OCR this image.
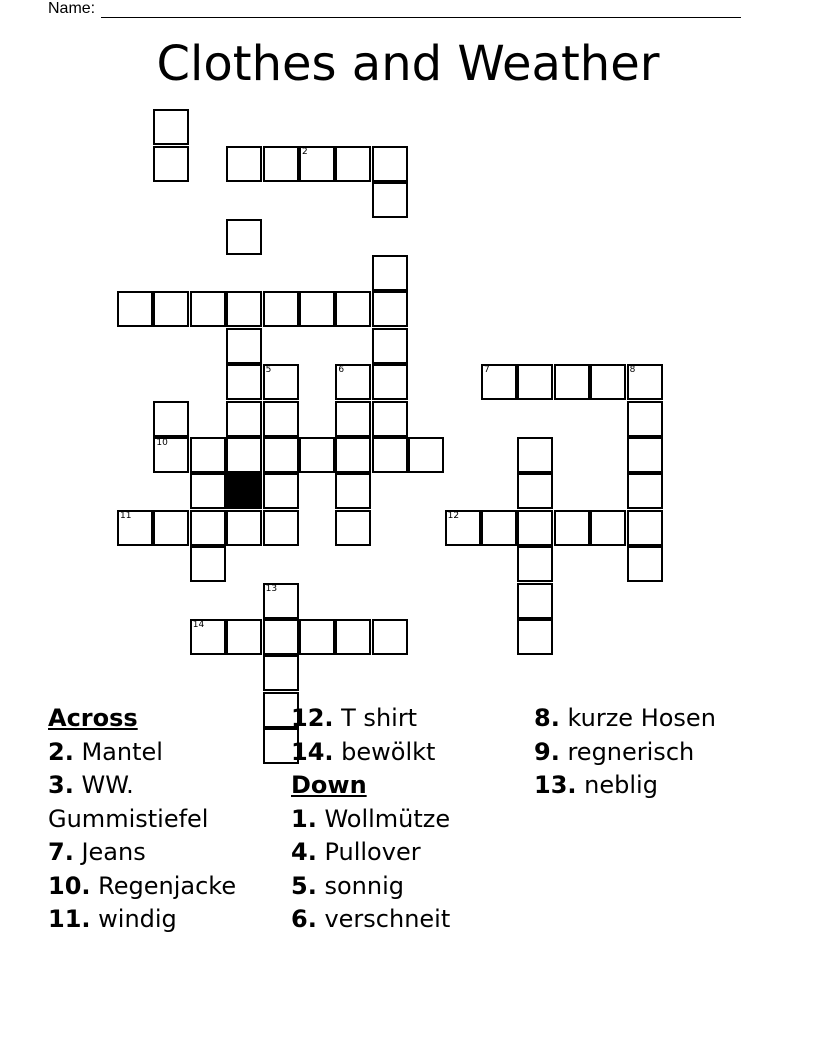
Name:
Clothes and Weather
2
5	6	7	8
10
11	12
13
14
Across
2. Mantel
3. WW. Gummistiefel
7. Jeans
10. Regenjacke
11. windig
12. T shirt
14. bewölkt
Down
1. Wollmütze
4. Pullover
5. sonnig
6. verschneit
8. kurze Hosen
9. regnerisch
13. neblig
